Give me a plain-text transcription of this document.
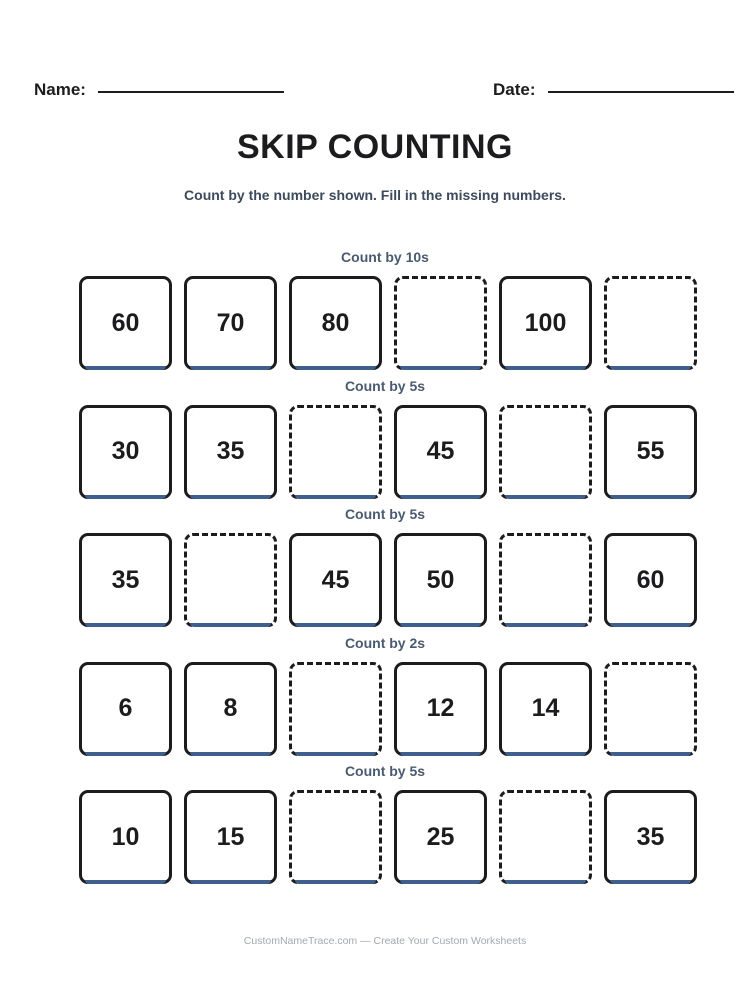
Name:	Date:
SKIP COUNTING
Count by the number shown. Fill in the missing numbers.
Count by 10s
60	70	80	100
Count by 5s
30	35	45	55
Count by 5s
35	45	50	60
Count by 2s
6	8	12	14
Count by 5s
10	15	25	35
CustomNameTrace.com — Create Your Custom Worksheets
